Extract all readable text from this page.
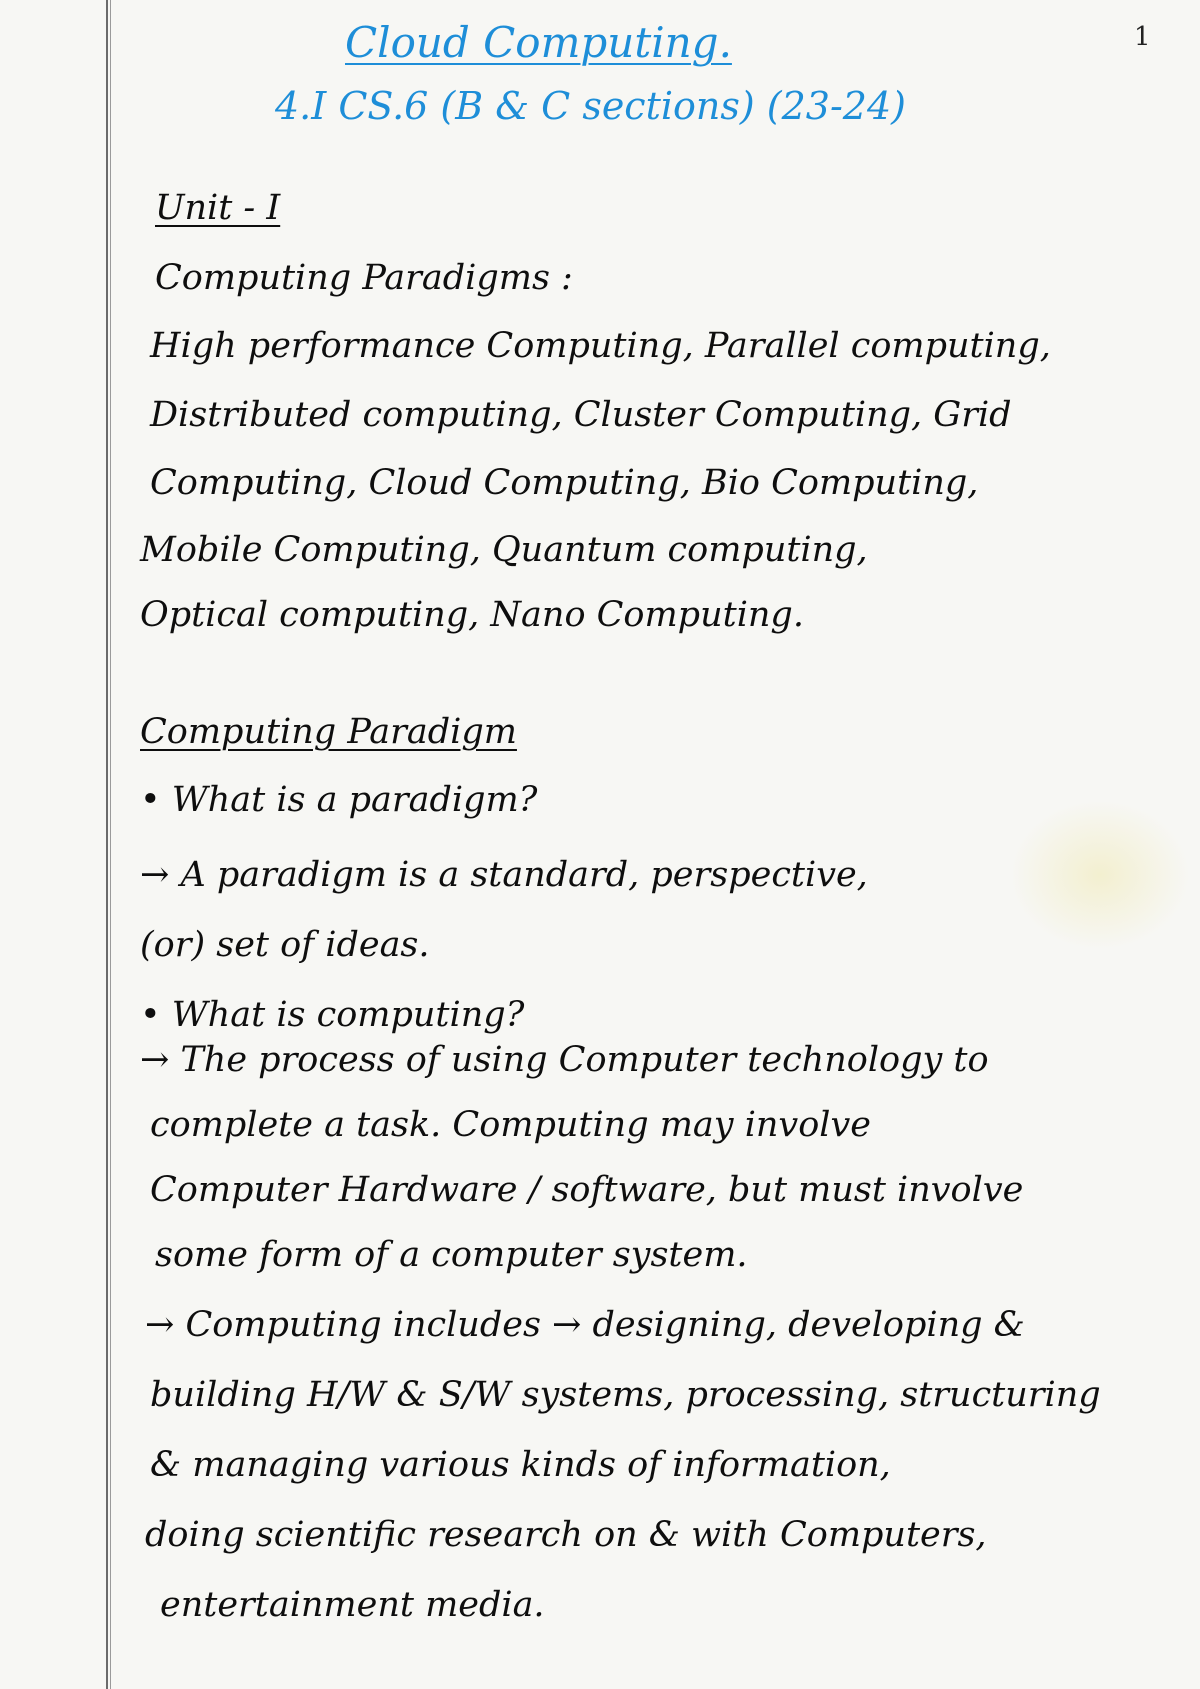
1
Cloud Computing.
4.I CS.6 (B & C sections) (23-24)
Unit - I
Computing Paradigms :
High performance Computing, Parallel computing,
Distributed computing, Cluster Computing, Grid
Computing, Cloud Computing, Bio Computing,
Mobile Computing, Quantum computing,
Optical computing, Nano Computing.
Computing Paradigm
• What is a paradigm?
→ A paradigm is a standard, perspective,
(or) set of ideas.
• What is computing?
→ The process of using Computer technology to
complete a task. Computing may involve
Computer Hardware / software, but must involve
some form of a computer system.
→ Computing includes → designing, developing &
building H/W & S/W systems, processing, structuring
& managing various kinds of information,
doing scientific research on & with Computers,
entertainment media.
